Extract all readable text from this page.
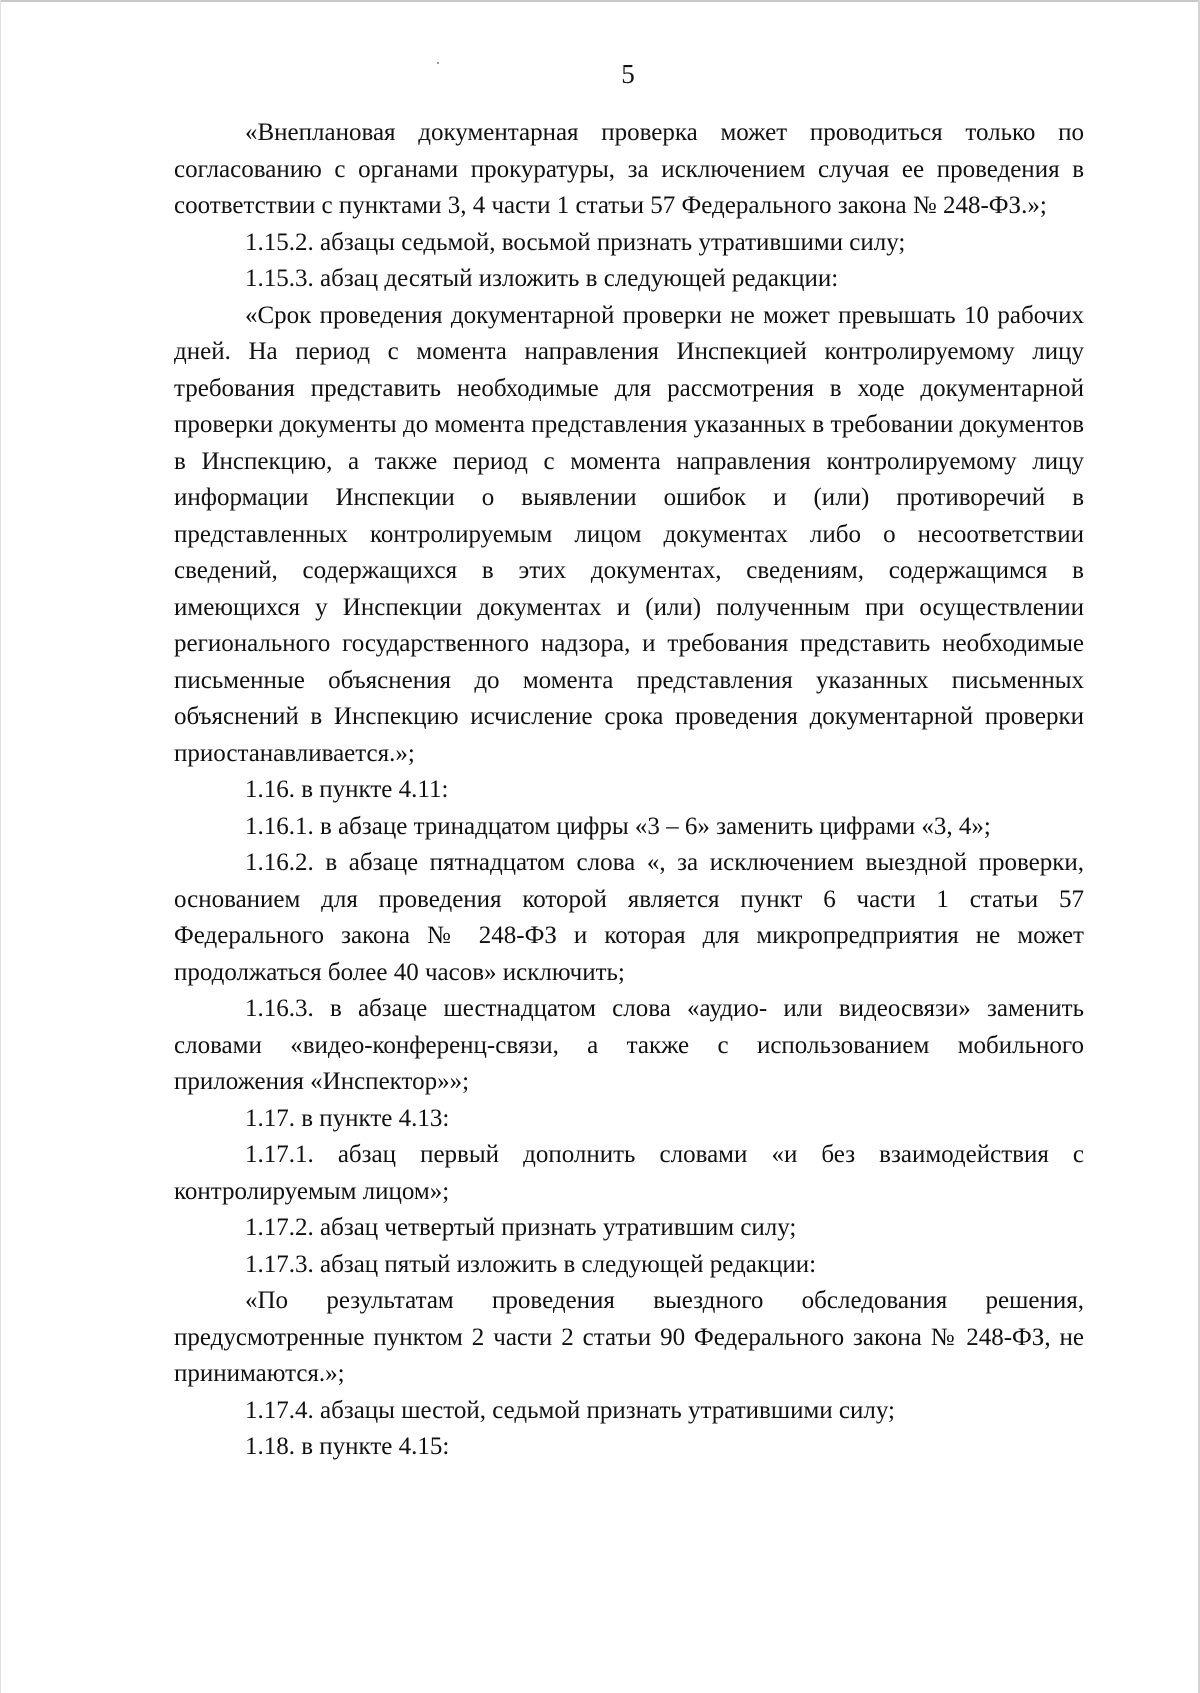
5

«Внеплановая документарная проверка может проводиться только по согласованию с органами прокуратуры, за исключением случая ее проведения в соответствии с пунктами 3, 4 части 1 статьи 57 Федерального закона № 248-ФЗ.»;

1.15.2. абзацы седьмой, восьмой признать утратившими силу;

1.15.3. абзац десятый изложить в следующей редакции:

«Срок проведения документарной проверки не может превышать 10 рабочих дней. На период с момента направления Инспекцией контролируемому лицу требования представить необходимые для рассмотрения в ходе документарной проверки документы до момента представления указанных в требовании документов в Инспекцию, а также период с момента направления контролируемому лицу информации Инспекции о выявлении ошибок и (или) противоречий в представленных контролируемым лицом документах либо о несоответствии сведений, содержащихся в этих документах, сведениям, содержащимся в имеющихся у Инспекции документах и (или) полученным при осуществлении регионального государственного надзора, и требования представить необходимые письменные объяснения до момента представления указанных письменных объяснений в Инспекцию исчисление срока проведения документарной проверки приостанавливается.»;

1.16. в пункте 4.11:

1.16.1. в абзаце тринадцатом цифры «3 – 6» заменить цифрами «3, 4»;

1.16.2. в абзаце пятнадцатом слова «, за исключением выездной проверки, основанием для проведения которой является пункт 6 части 1 статьи 57 Федерального закона № 248-ФЗ и которая для микропредприятия не может продолжаться более 40 часов» исключить;

1.16.3. в абзаце шестнадцатом слова «аудио- или видеосвязи» заменить словами «видео-конференц-связи, а также с использованием мобильного приложения «Инспектор»»;

1.17. в пункте 4.13:

1.17.1. абзац первый дополнить словами «и без взаимодействия с контролируемым лицом»;

1.17.2. абзац четвертый признать утратившим силу;

1.17.3. абзац пятый изложить в следующей редакции:

«По результатам проведения выездного обследования решения, предусмотренные пунктом 2 части 2 статьи 90 Федерального закона № 248-ФЗ, не принимаются.»;

1.17.4. абзацы шестой, седьмой признать утратившими силу;

1.18. в пункте 4.15:
